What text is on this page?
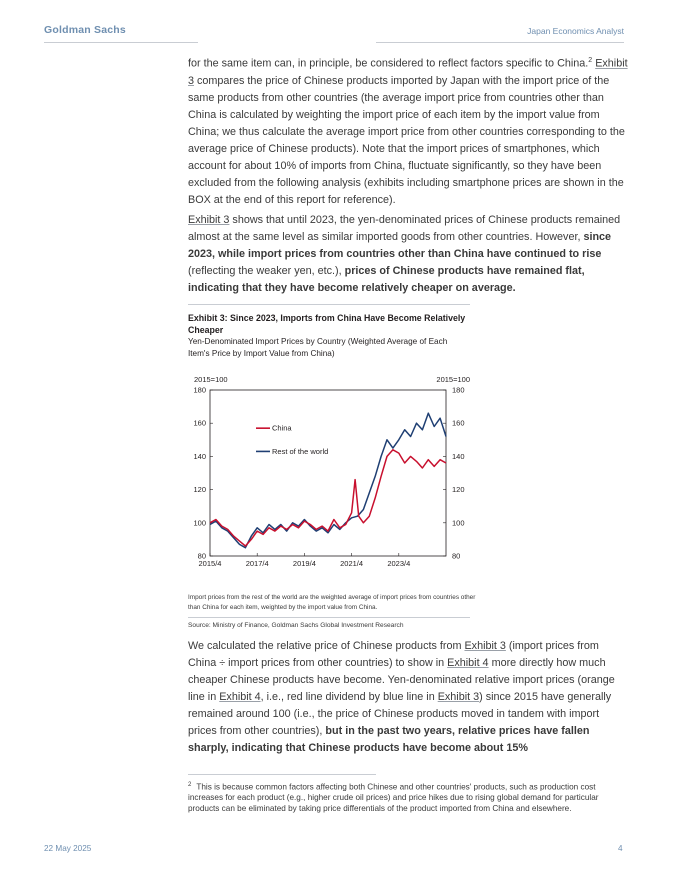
Goldman Sachs	Japan Economics Analyst

for the same item can, in principle, be considered to reflect factors specific to China.$^2$ Exhibit 3 compares the price of Chinese products imported by Japan with the import price of the same products from other countries (the average import price from countries other than China is calculated by weighting the import price of each item by the import value from China; we thus calculate the average import price from other countries corresponding to the average price of Chinese products). Note that the import prices of smartphones, which account for about 10% of imports from China, fluctuate significantly, so they have been excluded from the following analysis (exhibits including smartphone prices are shown in the BOX at the end of this report for reference).

Exhibit 3 shows that until 2023, the yen-denominated prices of Chinese products remained almost at the same level as similar imported goods from other countries. However, since 2023, while import prices from countries other than China have continued to rise (reflecting the weaker yen, etc.), prices of Chinese products have remained flat, indicating that they have become relatively cheaper on average.

Exhibit 3: Since 2023, Imports from China Have Become Relatively Cheaper
Yen-Denominated Import Prices by Country (Weighted Average of Each Item's Price by Import Value from China)
2015=100	2015=100
80	80
100	100
120	120
140	140
160	160
180	180
2015/4	2017/4	2019/4	2021/4	2023/4
China
Rest of the world
Import prices from the rest of the world are the weighted average of import prices from countries other than China for each item, weighted by the import value from China.
Source: Ministry of Finance, Goldman Sachs Global Investment Research

We calculated the relative price of Chinese products from Exhibit 3 (import prices from China ÷ import prices from other countries) to show in Exhibit 4 more directly how much cheaper Chinese products have become. Yen-denominated relative import prices (orange line in Exhibit 4, i.e., red line dividend by blue line in Exhibit 3) since 2015 have generally remained around 100 (i.e., the price of Chinese products moved in tandem with import prices from other countries), but in the past two years, relative prices have fallen sharply, indicating that Chinese products have become about 15%

$^2$ This is because common factors affecting both Chinese and other countries' products, such as production cost increases for each product (e.g., higher crude oil prices) and price hikes due to rising global demand for particular products can be eliminated by taking price differentials of the product imported from China and elsewhere.
22 May 2025	4
